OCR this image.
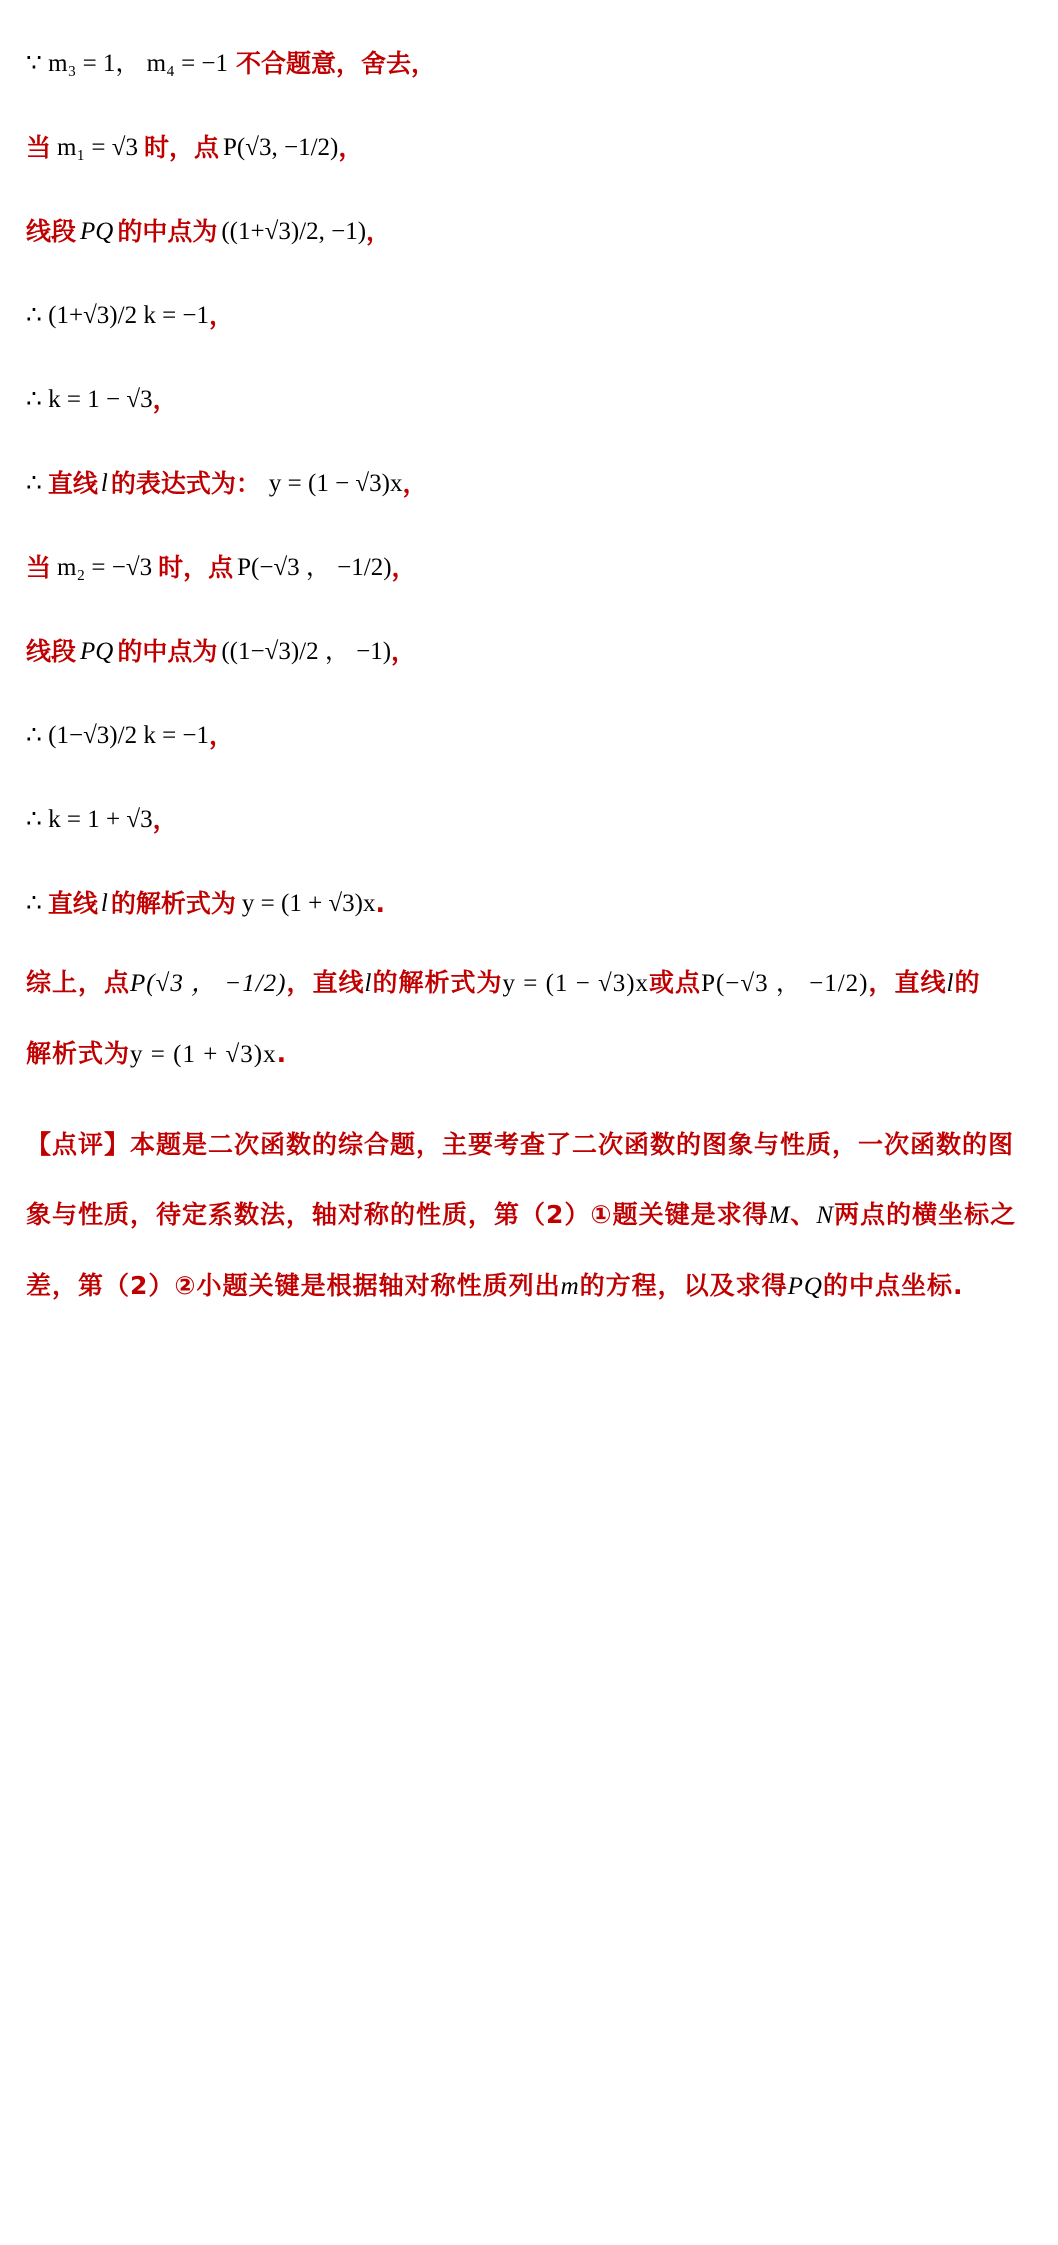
∵ m₃ = 1， m₄ = −1 不合题意，舍去，
当 m₁ = √3 时，点 P(√3, −1/2) ，
线段 PQ 的中点为 ((1+√3)/2, −1) ，
∴ (1+√3)/2 k = −1 ，
∴ k = 1 − √3 ，
∴ 直线 l 的表达式为： y = (1 − √3)x ，
当 m₂ = −√3 时，点 P(−√3 ， −1/2) ，
线段 PQ 的中点为 ((1−√3)/2 ， −1) ，
∴ (1−√3)/2 k = −1 ，
∴ k = 1 + √3 ，
∴ 直线 l 的解析式为 y = (1 + √3)x .
综上，点P(√3 ， −1/2)，直线l的解析式为y = (1 − √3)x或点P(−√3 ， −1/2)，直线l的
解析式为y = (1 + √3)x.
【点评】本题是二次函数的综合题，主要考查了二次函数的图象与性质，一次函数的图象与性质，待定系数法，轴对称的性质，第（2）①题关键是求得M、N两点的横坐标之差，第（2）②小题关键是根据轴对称性质列出m的方程，以及求得PQ的中点坐标.
